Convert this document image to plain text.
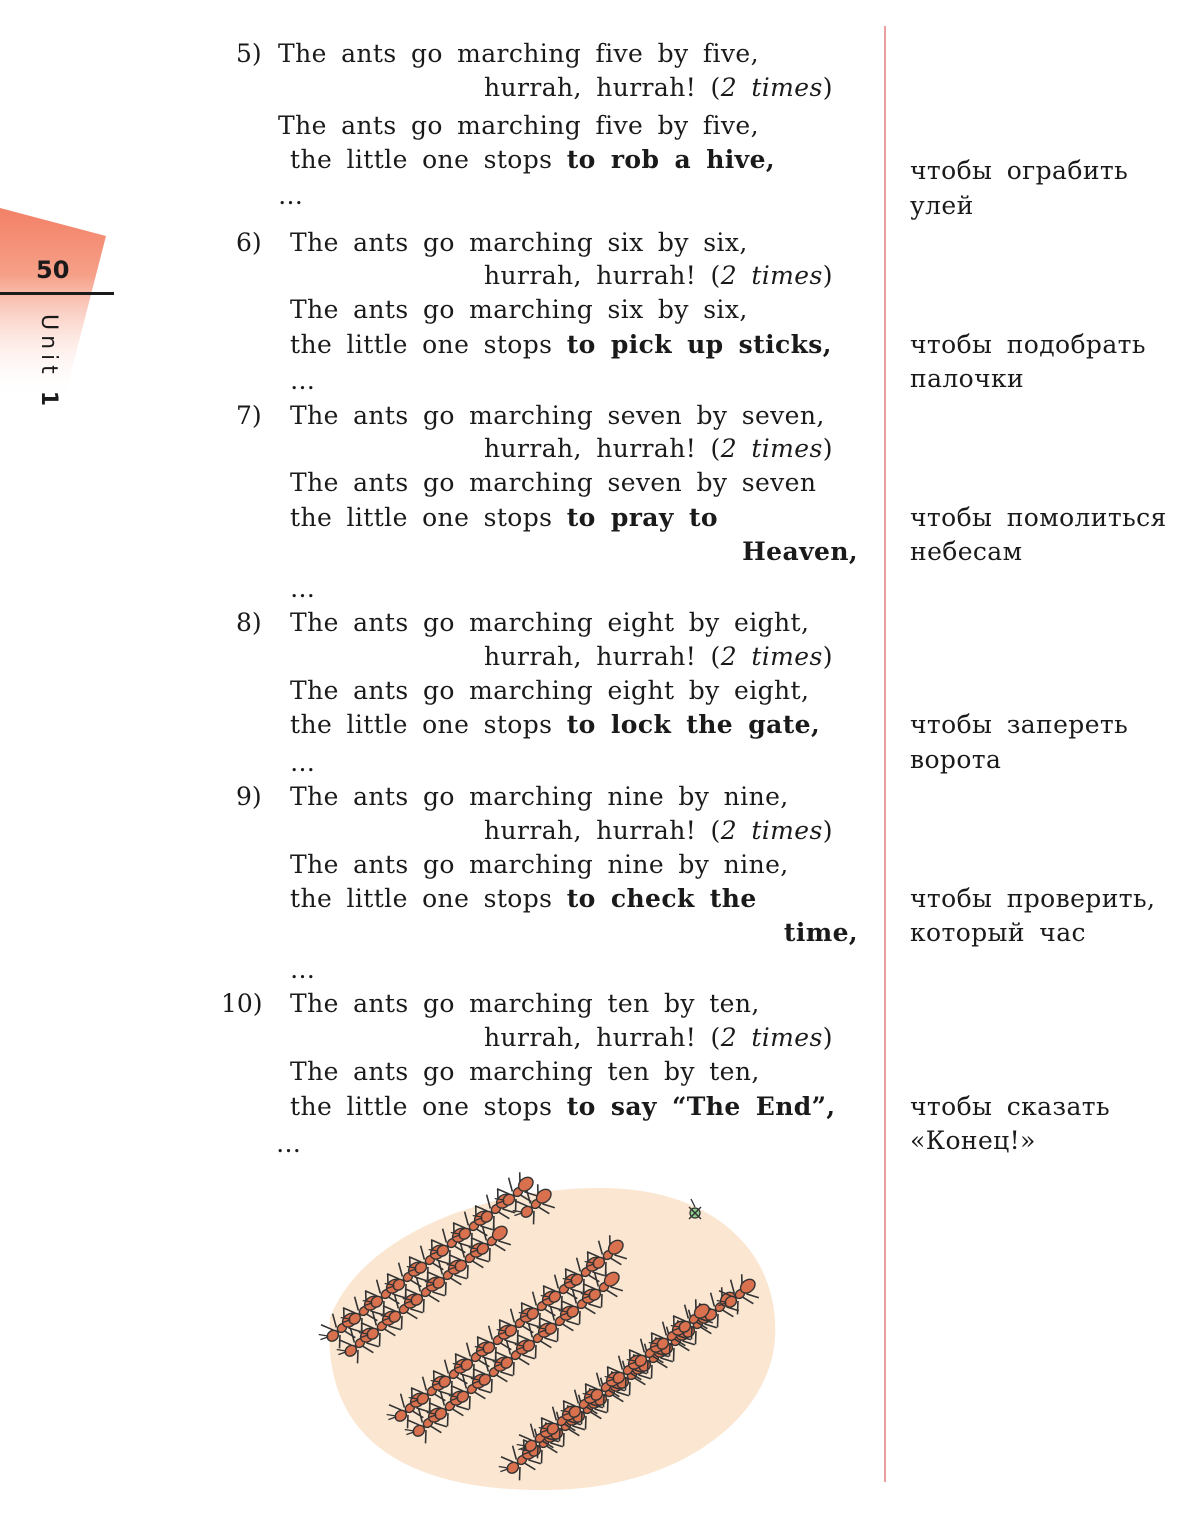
50
Unit 1
5) The ants go marching five by five,
hurrah, hurrah! (2 times)
The ants go marching five by five,
the little one stops to rob a hive,
…
чтобы ограбить
улей
6) The ants go marching six by six,
hurrah, hurrah! (2 times)
The ants go marching six by six,
the little one stops to pick up sticks,
…
чтобы подобрать
палочки
7) The ants go marching seven by seven,
hurrah, hurrah! (2 times)
The ants go marching seven by seven
the little one stops to pray to
Heaven,
…
чтобы помолиться
небесам
8) The ants go marching eight by eight,
hurrah, hurrah! (2 times)
The ants go marching eight by eight,
the little one stops to lock the gate,
…
чтобы запереть
ворота
9) The ants go marching nine by nine,
hurrah, hurrah! (2 times)
The ants go marching nine by nine,
the little one stops to check the
time,
…
чтобы проверить,
который час
10) The ants go marching ten by ten,
hurrah, hurrah! (2 times)
The ants go marching ten by ten,
the little one stops to say “The End”,
…
чтобы сказать
«Конец!»
